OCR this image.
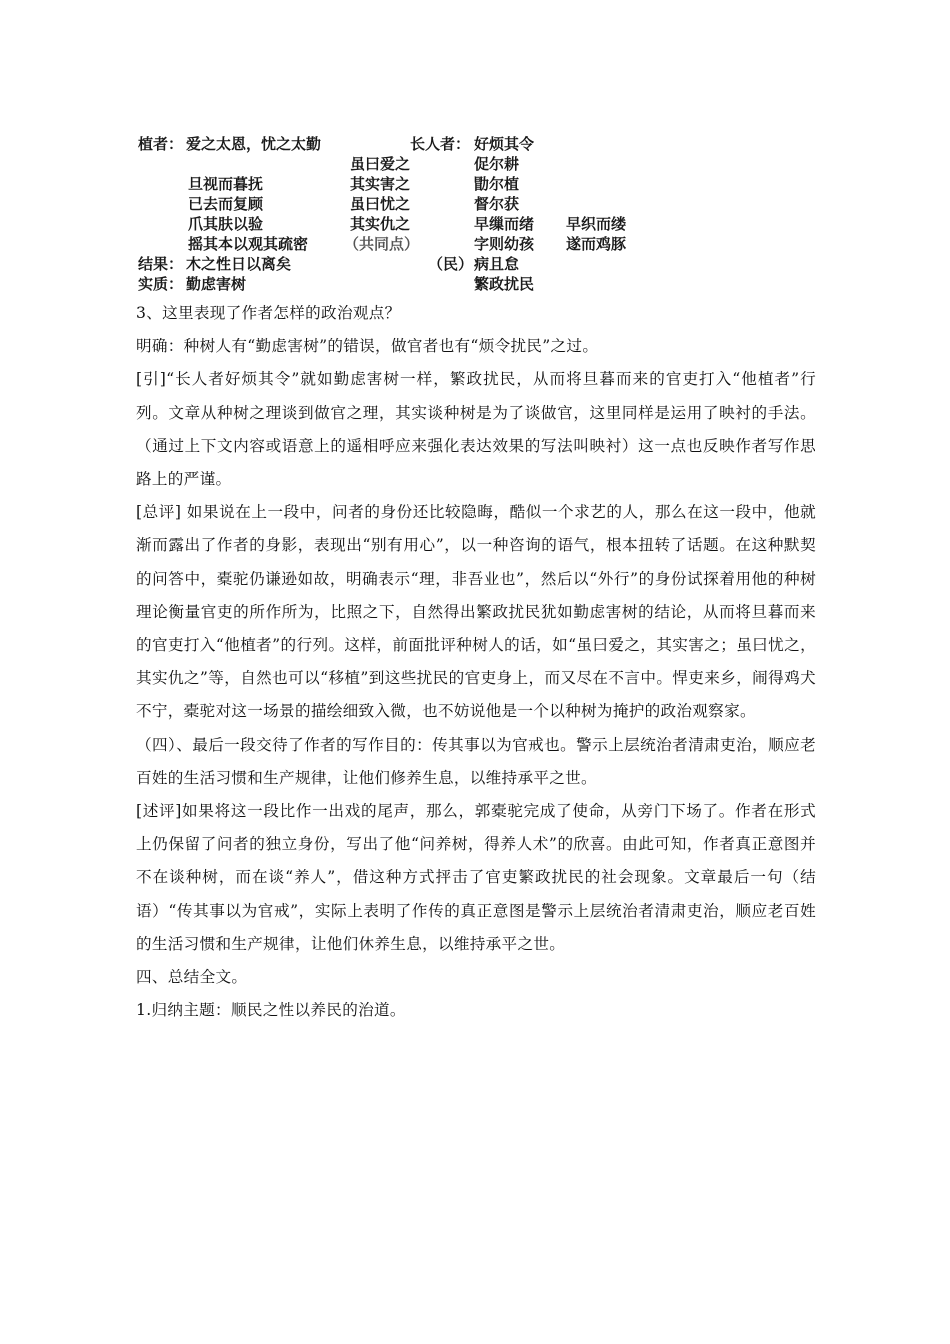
植者： 爱之太恩，忧之太勤
旦视而暮抚
已去而复顾
爪其肤以验
摇其本以观其疏密
结果： 木之性日以离矣
实质： 勤虑害树
虽曰爱之
其实害之
虽曰忧之
其实仇之
（共同点）
长人者： 好烦其令
促尔耕
勖尔植
督尔获
早缫而绪
字则幼孩
（民） 病且怠
繁政扰民
早织而缕
遂而鸡豚

3、这里表现了作者怎样的政治观点？

明确：种树人有“勤虑害树”的错误，做官者也有“烦令扰民”之过。

[引]“长人者好烦其令”就如勤虑害树一样，繁政扰民，从而将旦暮而来的官吏打入“他植者”行列。文章从种树之理谈到做官之理，其实谈种树是为了谈做官，这里同样是运用了映衬的手法。（通过上下文内容或语意上的遥相呼应来强化表达效果的写法叫映衬）这一点也反映作者写作思路上的严谨。

[总评] 如果说在上一段中，问者的身份还比较隐晦，酷似一个求艺的人，那么在这一段中，他就渐而露出了作者的身影，表现出“别有用心”，以一种咨询的语气，根本扭转了话题。在这种默契的问答中，橐驼仍谦逊如故，明确表示“理，非吾业也”，然后以“外行”的身份试探着用他的种树理论衡量官吏的所作所为，比照之下，自然得出繁政扰民犹如勤虑害树的结论，从而将旦暮而来的官吏打入“他植者”的行列。这样，前面批评种树人的话，如“虽曰爱之，其实害之；虽曰忧之，其实仇之”等，自然也可以“移植”到这些扰民的官吏身上，而又尽在不言中。悍吏来乡，闹得鸡犬不宁，橐驼对这一场景的描绘细致入微，也不妨说他是一个以种树为掩护的政治观察家。

（四）、最后一段交待了作者的写作目的：传其事以为官戒也。警示上层统治者清肃吏治，顺应老百姓的生活习惯和生产规律，让他们修养生息，以维持承平之世。

[述评]如果将这一段比作一出戏的尾声，那么，郭橐驼完成了使命，从旁门下场了。作者在形式上仍保留了问者的独立身份，写出了他“问养树，得养人术”的欣喜。由此可知，作者真正意图并不在谈种树，而在谈“养人”，借这种方式抨击了官吏繁政扰民的社会现象。文章最后一句（结语）“传其事以为官戒”，实际上表明了作传的真正意图是警示上层统治者清肃吏治，顺应老百姓的生活习惯和生产规律，让他们休养生息，以维持承平之世。

四、总结全文。

1.归纳主题：顺民之性以养民的治道。
